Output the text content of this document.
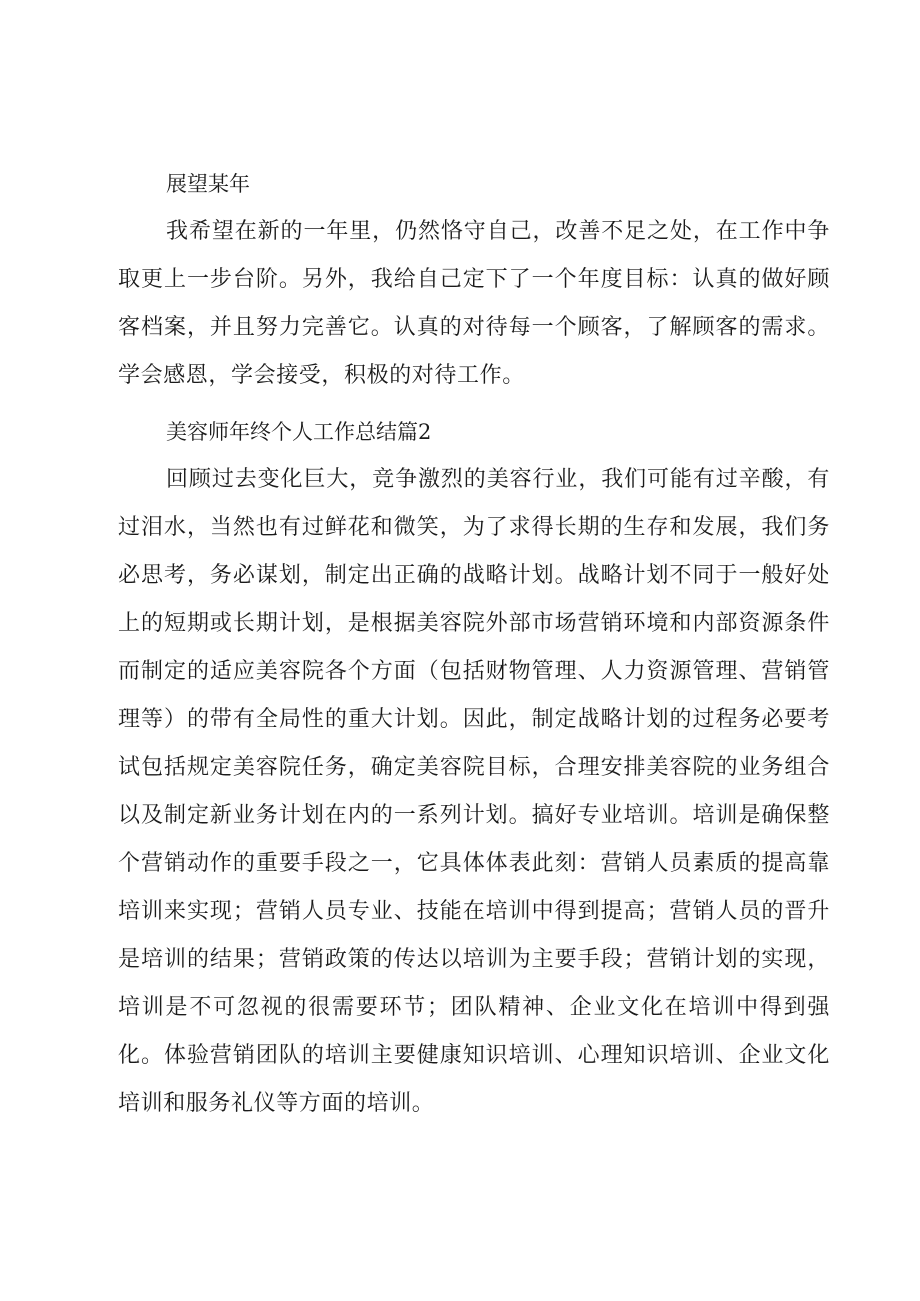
展望某年

我希望在新的一年里，仍然恪守自己，改善不足之处，在工作中争取更上一步台阶。另外，我给自己定下了一个年度目标：认真的做好顾客档案，并且努力完善它。认真的对待每一个顾客，了解顾客的需求。学会感恩，学会接受，积极的对待工作。

美容师年终个人工作总结篇2

回顾过去变化巨大，竞争激烈的美容行业，我们可能有过辛酸，有过泪水，当然也有过鲜花和微笑，为了求得长期的生存和发展，我们务必思考，务必谋划，制定出正确的战略计划。战略计划不同于一般好处上的短期或长期计划，是根据美容院外部市场营销环境和内部资源条件而制定的适应美容院各个方面（包括财物管理、人力资源管理、营销管理等）的带有全局性的重大计划。因此，制定战略计划的过程务必要考试包括规定美容院任务，确定美容院目标，合理安排美容院的业务组合以及制定新业务计划在内的一系列计划。搞好专业培训。培训是确保整个营销动作的重要手段之一，它具体体表此刻：营销人员素质的提高靠培训来实现；营销人员专业、技能在培训中得到提高；营销人员的晋升是培训的结果；营销政策的传达以培训为主要手段；营销计划的实现，培训是不可忽视的很需要环节；团队精神、企业文化在培训中得到强化。体验营销团队的培训主要健康知识培训、心理知识培训、企业文化培训和服务礼仪等方面的培训。
